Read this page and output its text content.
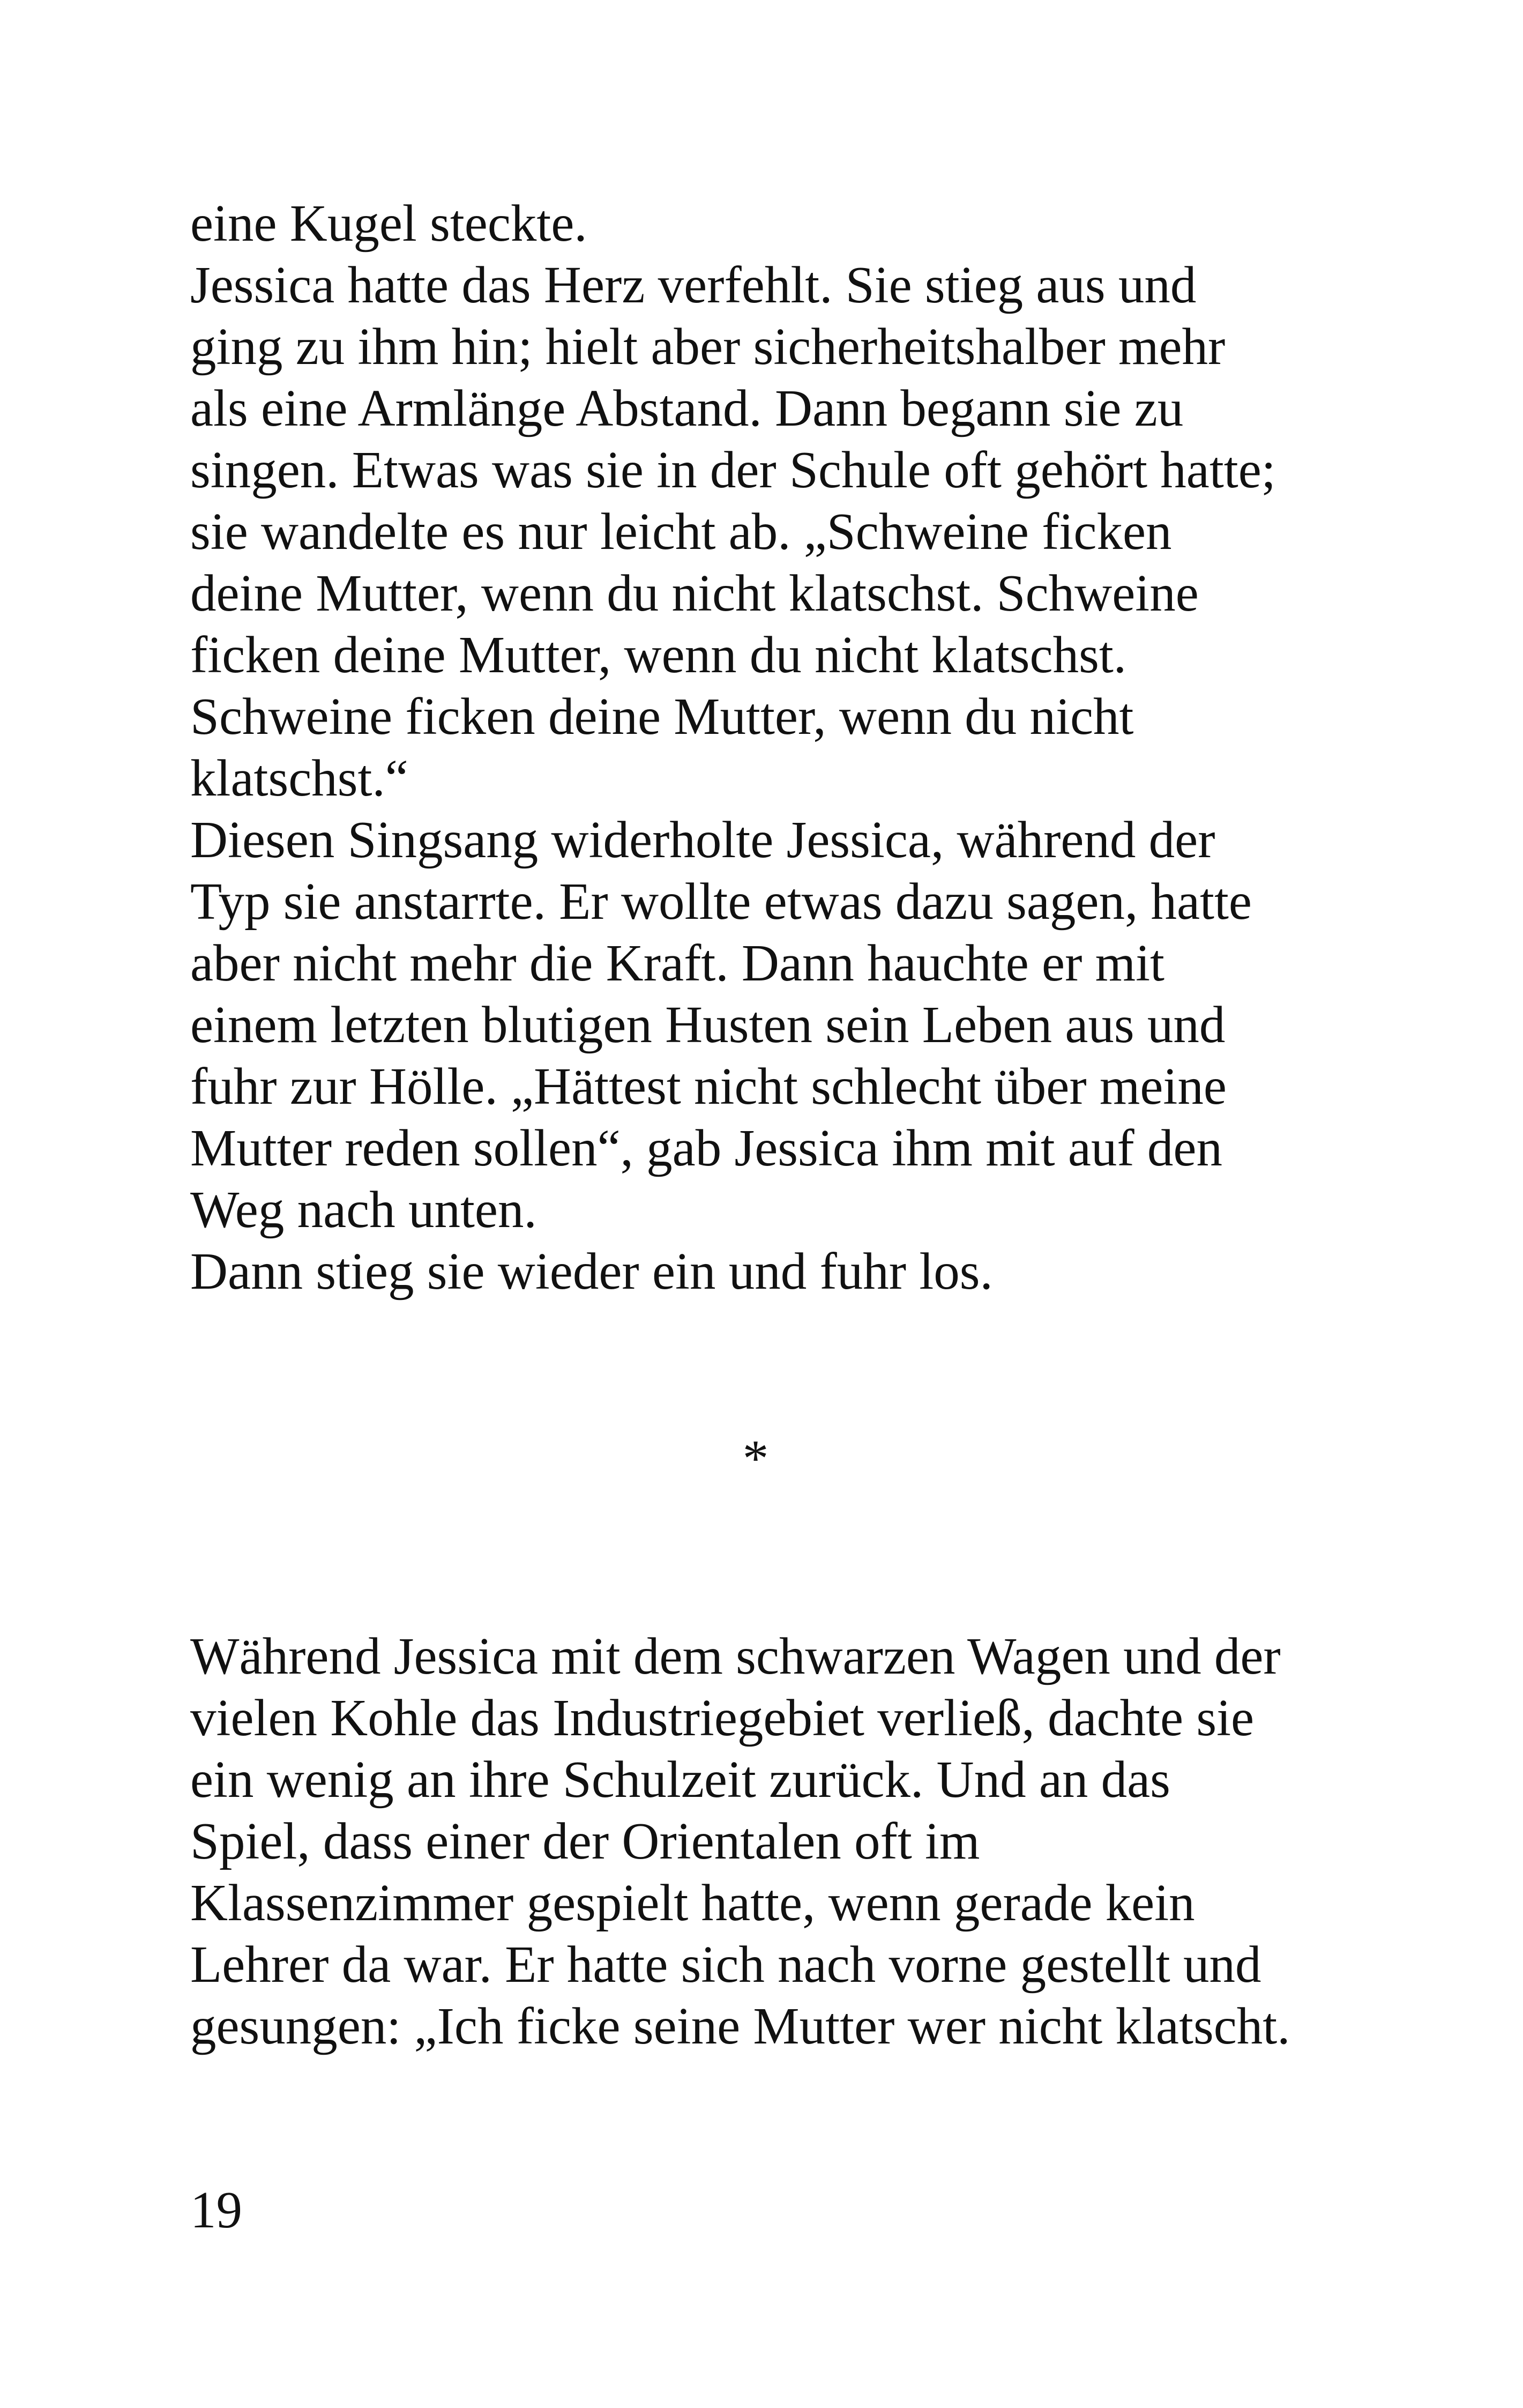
eine Kugel steckte.
Jessica hatte das Herz verfehlt. Sie stieg aus und
ging zu ihm hin; hielt aber sicherheitshalber mehr
als eine Armlänge Abstand. Dann begann sie zu
singen. Etwas was sie in der Schule oft gehört hatte;
sie wandelte es nur leicht ab. „Schweine ficken
deine Mutter, wenn du nicht klatschst. Schweine
ficken deine Mutter, wenn du nicht klatschst.
Schweine ficken deine Mutter, wenn du nicht
klatschst.“
Diesen Singsang widerholte Jessica, während der
Typ sie anstarrte. Er wollte etwas dazu sagen, hatte
aber nicht mehr die Kraft. Dann hauchte er mit
einem letzten blutigen Husten sein Leben aus und
fuhr zur Hölle. „Hättest nicht schlecht über meine
Mutter reden sollen“, gab Jessica ihm mit auf den
Weg nach unten.
Dann stieg sie wieder ein und fuhr los.
*
Während Jessica mit dem schwarzen Wagen und der
vielen Kohle das Industriegebiet verließ, dachte sie
ein wenig an ihre Schulzeit zurück. Und an das
Spiel, dass einer der Orientalen oft im
Klassenzimmer gespielt hatte, wenn gerade kein
Lehrer da war. Er hatte sich nach vorne gestellt und
gesungen: „Ich ficke seine Mutter wer nicht klatscht.
19
